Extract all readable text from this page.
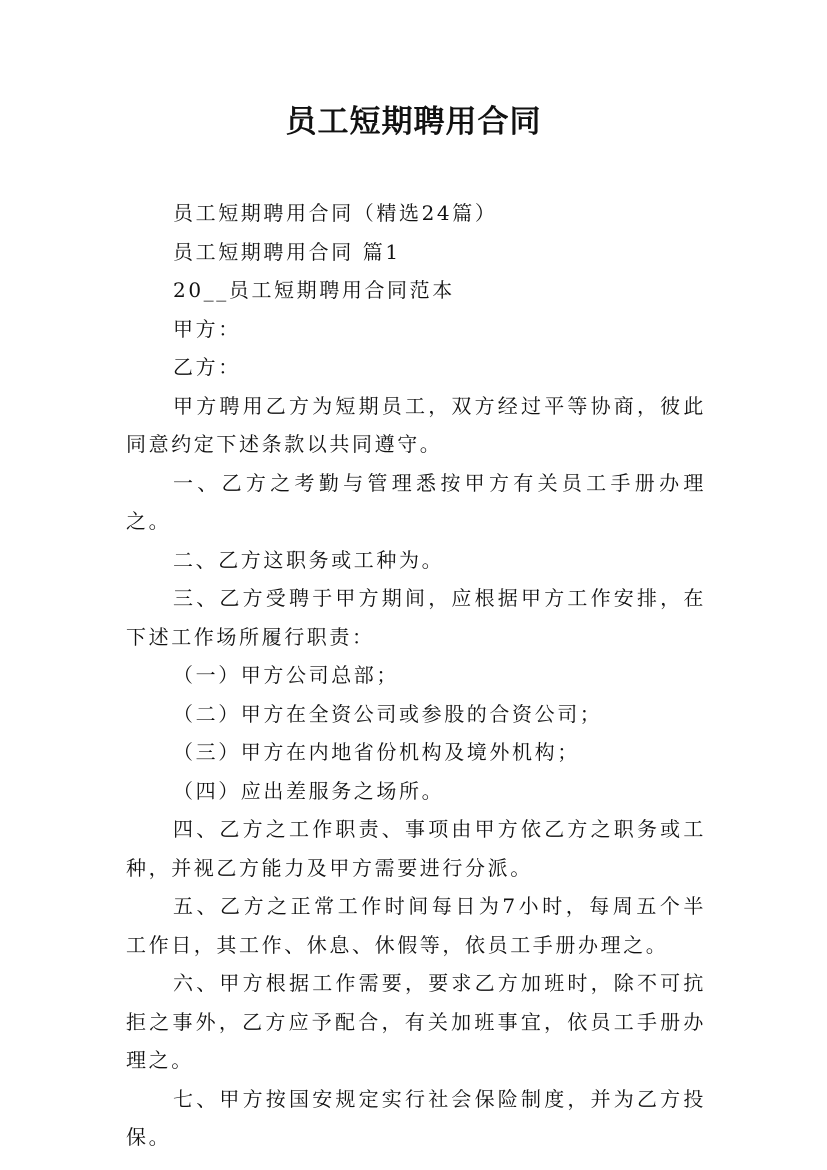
员工短期聘用合同

员工短期聘用合同（精选24篇）

员工短期聘用合同 篇1

20__员工短期聘用合同范本

甲方：

乙方：

甲方聘用乙方为短期员工，双方经过平等协商，彼此同意约定下述条款以共同遵守。

一、乙方之考勤与管理悉按甲方有关员工手册办理之。

二、乙方这职务或工种为。

三、乙方受聘于甲方期间，应根据甲方工作安排，在下述工作场所履行职责：

（一）甲方公司总部；

（二）甲方在全资公司或参股的合资公司；

（三）甲方在内地省份机构及境外机构；

（四）应出差服务之场所。

四、乙方之工作职责、事项由甲方依乙方之职务或工种，并视乙方能力及甲方需要进行分派。

五、乙方之正常工作时间每日为7小时，每周五个半工作日，其工作、休息、休假等，依员工手册办理之。

六、甲方根据工作需要，要求乙方加班时，除不可抗拒之事外，乙方应予配合，有关加班事宜，依员工手册办理之。

七、甲方按国安规定实行社会保险制度，并为乙方投保。
